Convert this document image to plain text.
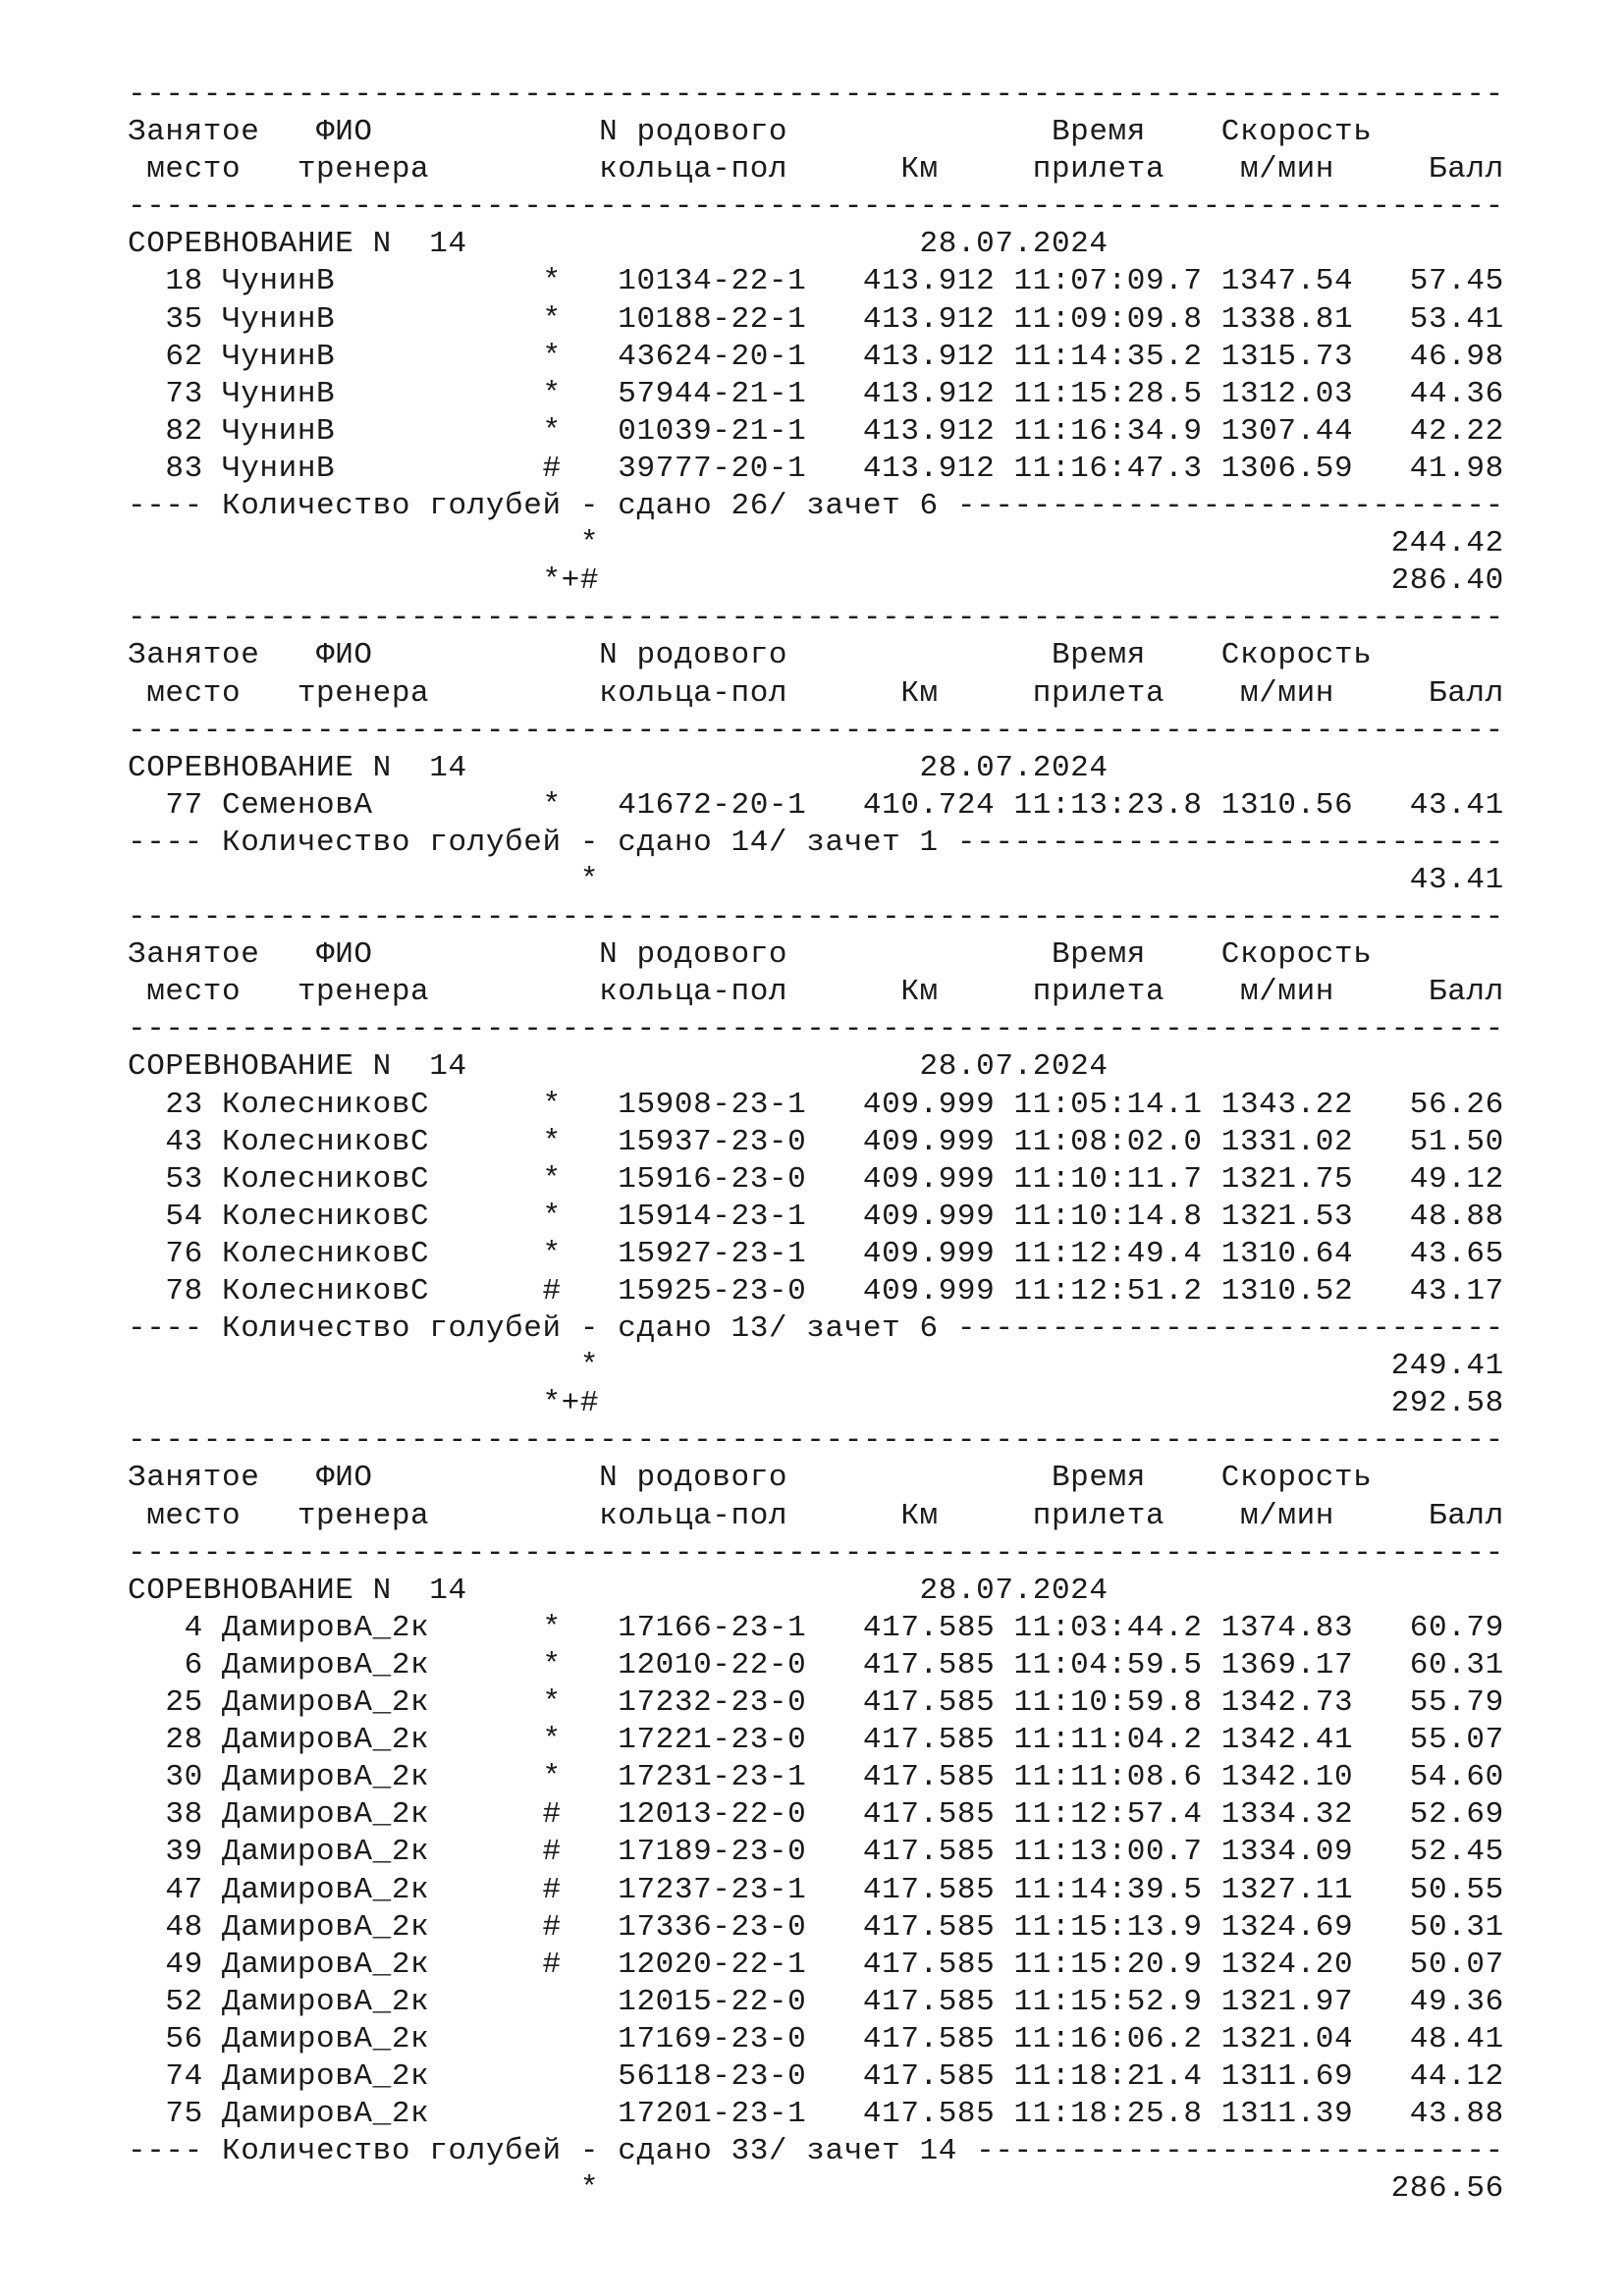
-------------------------------------------------------------------------
Занятое   ФИО            N родового              Время    Скорость
место   тренера         кольца-пол      Км     прилета    м/мин     Балл
-------------------------------------------------------------------------
СОРЕВНОВАНИЕ N  14                        28.07.2024
18 ЧунинВ           *   10134-22-1   413.912 11:07:09.7 1347.54   57.45
35 ЧунинВ           *   10188-22-1   413.912 11:09:09.8 1338.81   53.41
62 ЧунинВ           *   43624-20-1   413.912 11:14:35.2 1315.73   46.98
73 ЧунинВ           *   57944-21-1   413.912 11:15:28.5 1312.03   44.36
82 ЧунинВ           *   01039-21-1   413.912 11:16:34.9 1307.44   42.22
83 ЧунинВ           #   39777-20-1   413.912 11:16:47.3 1306.59   41.98
---- Количество голубей - сдано 26/ зачет 6 -----------------------------
*                                          244.42
*+#                                          286.40
-------------------------------------------------------------------------
Занятое   ФИО            N родового              Время    Скорость
место   тренера         кольца-пол      Км     прилета    м/мин     Балл
-------------------------------------------------------------------------
СОРЕВНОВАНИЕ N  14                        28.07.2024
77 СеменовА         *   41672-20-1   410.724 11:13:23.8 1310.56   43.41
---- Количество голубей - сдано 14/ зачет 1 -----------------------------
*                                           43.41
-------------------------------------------------------------------------
Занятое   ФИО            N родового              Время    Скорость
место   тренера         кольца-пол      Км     прилета    м/мин     Балл
-------------------------------------------------------------------------
СОРЕВНОВАНИЕ N  14                        28.07.2024
23 КолесниковС      *   15908-23-1   409.999 11:05:14.1 1343.22   56.26
43 КолесниковС      *   15937-23-0   409.999 11:08:02.0 1331.02   51.50
53 КолесниковС      *   15916-23-0   409.999 11:10:11.7 1321.75   49.12
54 КолесниковС      *   15914-23-1   409.999 11:10:14.8 1321.53   48.88
76 КолесниковС      *   15927-23-1   409.999 11:12:49.4 1310.64   43.65
78 КолесниковС      #   15925-23-0   409.999 11:12:51.2 1310.52   43.17
---- Количество голубей - сдано 13/ зачет 6 -----------------------------
*                                          249.41
*+#                                          292.58
-------------------------------------------------------------------------
Занятое   ФИО            N родового              Время    Скорость
место   тренера         кольца-пол      Км     прилета    м/мин     Балл
-------------------------------------------------------------------------
СОРЕВНОВАНИЕ N  14                        28.07.2024
4 ДамировА_2к      *   17166-23-1   417.585 11:03:44.2 1374.83   60.79
6 ДамировА_2к      *   12010-22-0   417.585 11:04:59.5 1369.17   60.31
25 ДамировА_2к      *   17232-23-0   417.585 11:10:59.8 1342.73   55.79
28 ДамировА_2к      *   17221-23-0   417.585 11:11:04.2 1342.41   55.07
30 ДамировА_2к      *   17231-23-1   417.585 11:11:08.6 1342.10   54.60
38 ДамировА_2к      #   12013-22-0   417.585 11:12:57.4 1334.32   52.69
39 ДамировА_2к      #   17189-23-0   417.585 11:13:00.7 1334.09   52.45
47 ДамировА_2к      #   17237-23-1   417.585 11:14:39.5 1327.11   50.55
48 ДамировА_2к      #   17336-23-0   417.585 11:15:13.9 1324.69   50.31
49 ДамировА_2к      #   12020-22-1   417.585 11:15:20.9 1324.20   50.07
52 ДамировА_2к          12015-22-0   417.585 11:15:52.9 1321.97   49.36
56 ДамировА_2к          17169-23-0   417.585 11:16:06.2 1321.04   48.41
74 ДамировА_2к          56118-23-0   417.585 11:18:21.4 1311.69   44.12
75 ДамировА_2к          17201-23-1   417.585 11:18:25.8 1311.39   43.88
---- Количество голубей - сдано 33/ зачет 14 ----------------------------
*                                          286.56
